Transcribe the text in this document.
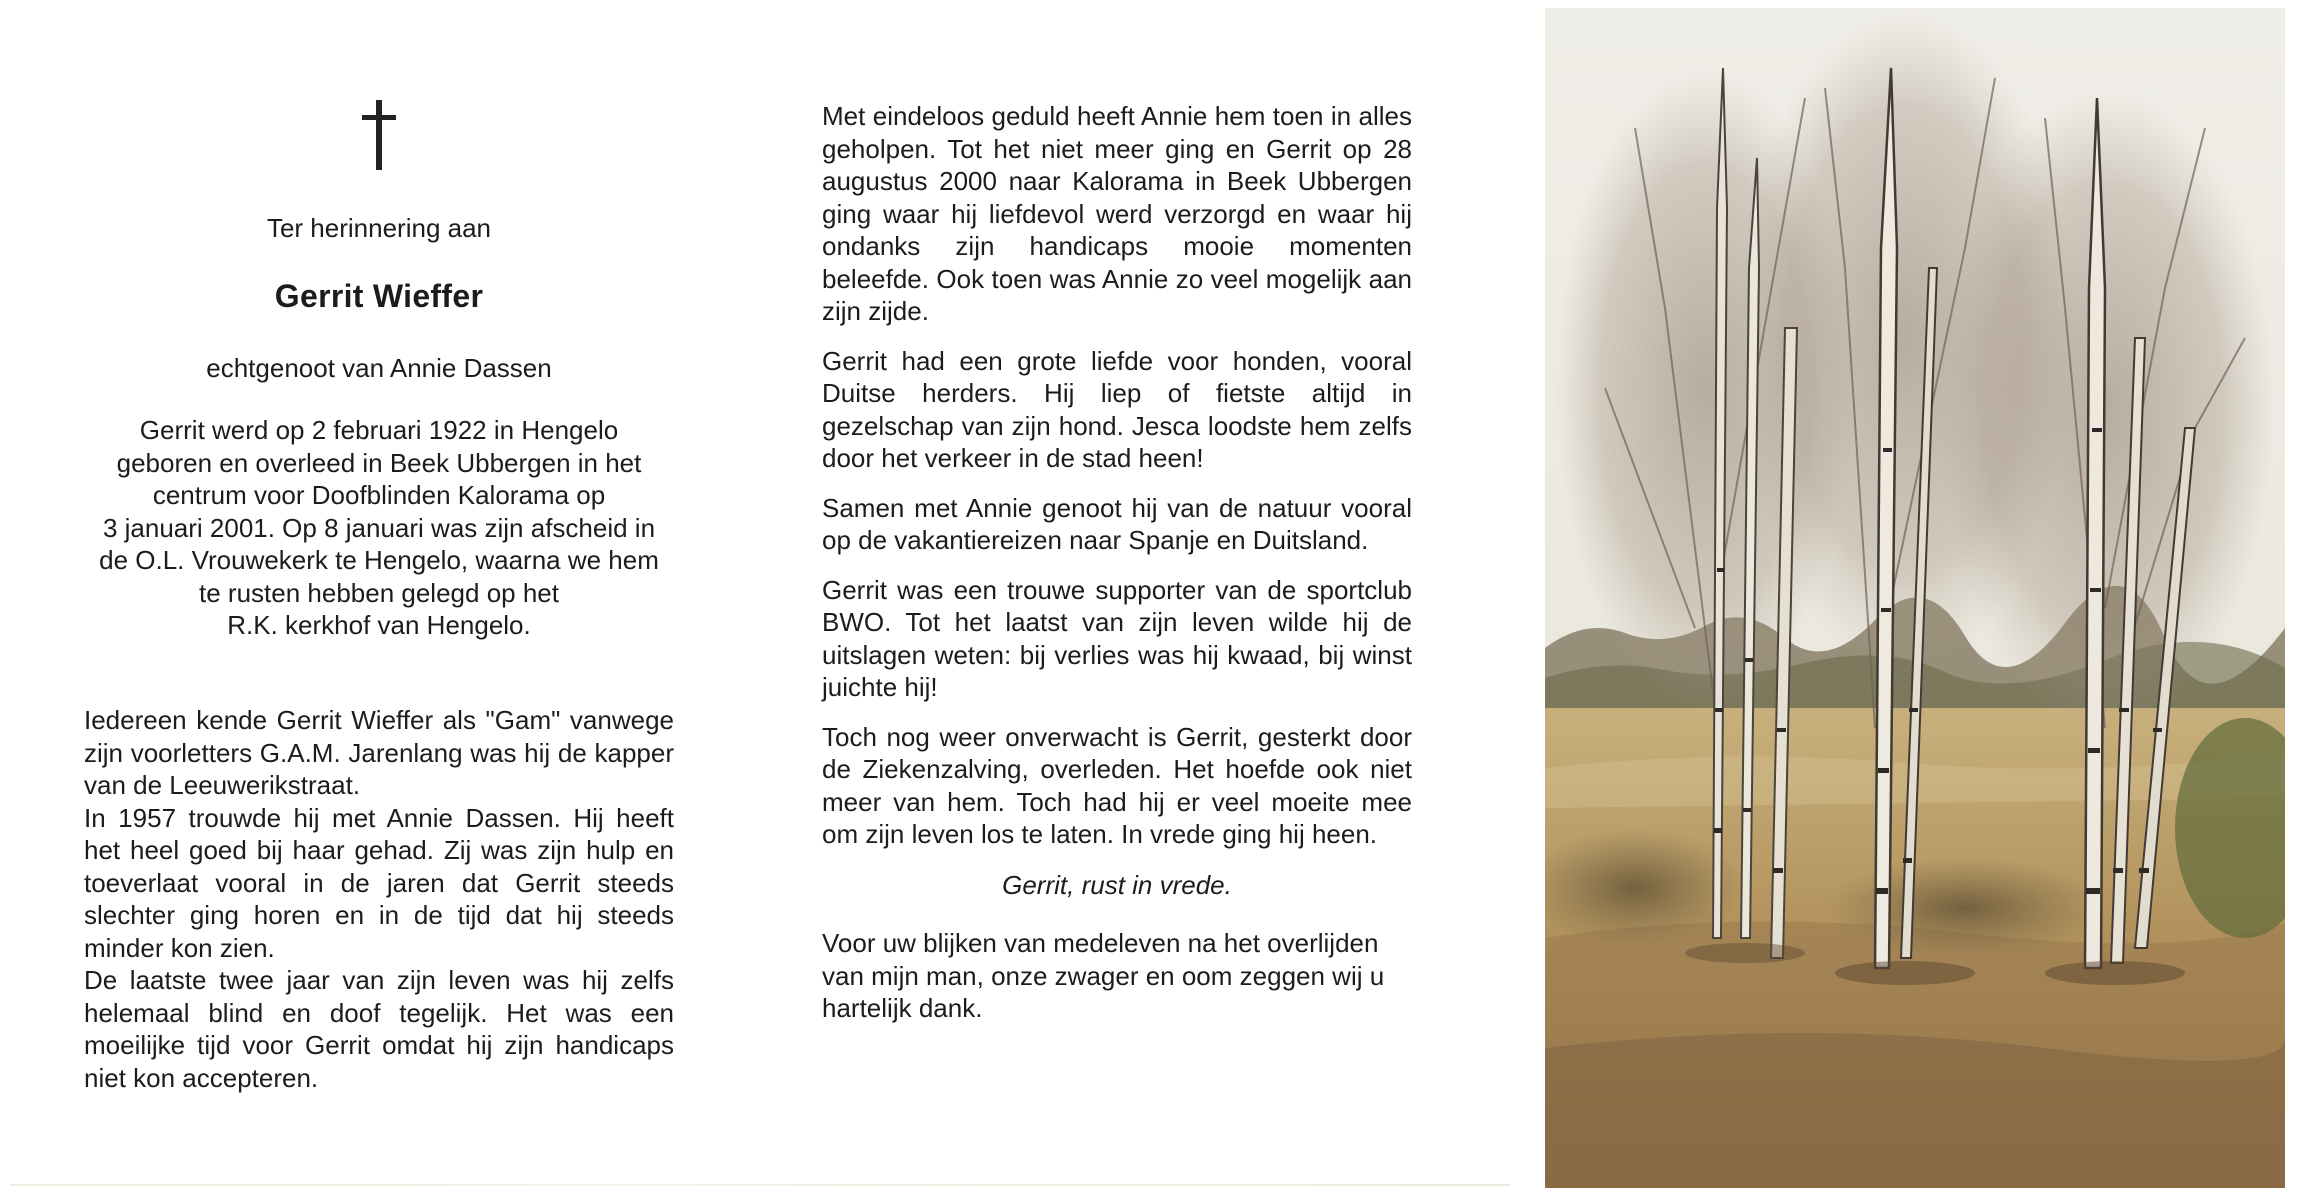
Ter herinnering aan
Gerrit Wieffer
echtgenoot van Annie Dassen
Gerrit werd op 2 februari 1922 in Hengelo
geboren en overleed in Beek Ubbergen in het
centrum voor Doofblinden Kalorama op
3 januari 2001. Op 8 januari was zijn afscheid in
de O.L. Vrouwekerk te Hengelo, waarna we hem
te rusten hebben gelegd op het
R.K. kerkhof van Hengelo.

Iedereen kende Gerrit Wieffer als "Gam" vanwege zijn voorletters G.A.M. Jarenlang was hij de kapper van de Leeuwerikstraat.
In 1957 trouwde hij met Annie Dassen. Hij heeft het heel goed bij haar gehad. Zij was zijn hulp en toeverlaat vooral in de jaren dat Gerrit steeds slechter ging horen en in de tijd dat hij steeds minder kon zien.
De laatste twee jaar van zijn leven was hij zelfs helemaal blind en doof tegelijk. Het was een moeilijke tijd voor Gerrit omdat hij zijn handicaps niet kon accepteren.

Met eindeloos geduld heeft Annie hem toen in alles geholpen. Tot het niet meer ging en Gerrit op 28 augustus 2000 naar Kalorama in Beek Ubbergen ging waar hij liefdevol werd verzorgd en waar hij ondanks zijn handicaps mooie momenten beleefde. Ook toen was Annie zo veel mogelijk aan zijn zijde.

Gerrit had een grote liefde voor honden, vooral Duitse herders. Hij liep of fietste altijd in gezelschap van zijn hond. Jesca loodste hem zelfs door het verkeer in de stad heen!

Samen met Annie genoot hij van de natuur vooral op de vakantiereizen naar Spanje en Duitsland.

Gerrit was een trouwe supporter van de sportclub BWO. Tot het laatst van zijn leven wilde hij de uitslagen weten: bij verlies was hij kwaad, bij winst juichte hij!

Toch nog weer onverwacht is Gerrit, gesterkt door de Ziekenzalving, overleden. Het hoefde ook niet meer van hem. Toch had hij er veel moeite mee om zijn leven los te laten. In vrede ging hij heen.

Gerrit, rust in vrede.

Voor uw blijken van medeleven na het overlijden van mijn man, onze zwager en oom zeggen wij u hartelijk dank.
